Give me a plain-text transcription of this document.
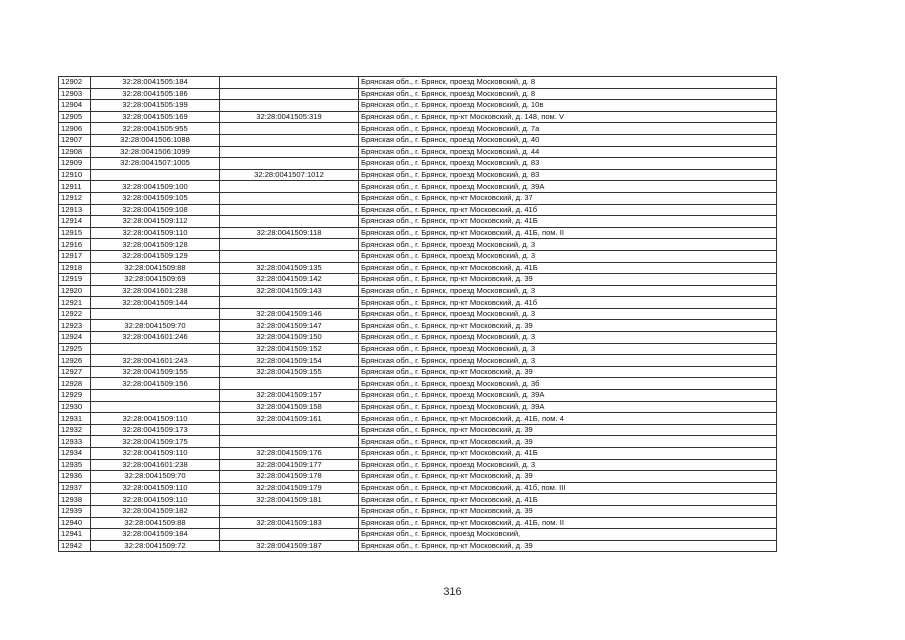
12902	32:28:0041505:184		Брянская обл., г. Брянск, проезд Московский, д. 8
12903	32:28:0041505:186		Брянская обл., г. Брянск, проезд Московский, д. 8
12904	32:28:0041505:199		Брянская обл., г. Брянск, проезд Московский, д. 10в
12905	32:28:0041505:169	32:28:0041505:319	Брянская обл., г. Брянск, пр-кт Московский, д. 148, пом. V
12906	32:28:0041505:955		Брянская обл., г. Брянск, проезд Московский, д. 7а
12907	32:28:0041506:1088		Брянская обл., г. Брянск, проезд Московский, д. 40
12908	32:28:0041506:1099		Брянская обл., г. Брянск, проезд Московский, д. 44
12909	32:28:0041507:1005		Брянская обл., г. Брянск, проезд Московский, д. 83
12910		32:28:0041507:1012	Брянская обл., г. Брянск, проезд Московский, д. 83
12911	32:28:0041509:100		Брянская обл., г. Брянск, проезд Московский, д. 39А
12912	32:28:0041509:105		Брянская обл., г. Брянск, пр-кт Московский, д. 37
12913	32:28:0041509:108		Брянская обл., г. Брянск, пр-кт Московский, д. 41б
12914	32:28:0041509:112		Брянская обл., г. Брянск, пр-кт Московский, д. 41Б
12915	32:28:0041509:110	32:28:0041509:118	Брянская обл., г. Брянск, пр-кт Московский, д. 41Б, пом. II
12916	32:28:0041509:128		Брянская обл., г. Брянск, проезд Московский, д. 3
12917	32:28:0041509:129		Брянская обл., г. Брянск, проезд Московский, д. 3
12918	32:28:0041509:88	32:28:0041509:135	Брянская обл., г. Брянск, пр-кт Московский, д. 41Б
12919	32:28:0041509:69	32:28:0041509:142	Брянская обл., г. Брянск, пр-кт Московский, д. 39
12920	32:28:0041601:238	32:28:0041509:143	Брянская обл., г. Брянск, проезд Московский, д. 3
12921	32:28:0041509:144		Брянская обл., г. Брянск, пр-кт Московский, д. 41б
12922		32:28:0041509:146	Брянская обл., г. Брянск, проезд Московский, д. 3
12923	32:28:0041509:70	32:28:0041509:147	Брянская обл., г. Брянск, пр-кт Московский, д. 39
12924	32:28:0041601:246	32:28:0041509:150	Брянская обл., г. Брянск, проезд Московский, д. 3
12925		32:28:0041509:152	Брянская обл., г. Брянск, проезд Московский, д. 3
12926	32:28:0041601:243	32:28:0041509:154	Брянская обл., г. Брянск, проезд Московский, д. 3
12927	32:28:0041509:155	32:28:0041509:155	Брянская обл., г. Брянск, пр-кт Московский, д. 39
12928	32:28:0041509:156		Брянская обл., г. Брянск, проезд Московский, д. 3б
12929		32:28:0041509:157	Брянская обл., г. Брянск, проезд Московский, д. 39А
12930		32:28:0041509:158	Брянская обл., г. Брянск, проезд Московский, д. 39А
12931	32:28:0041509:110	32:28:0041509:161	Брянская обл., г. Брянск, пр-кт Московский, д. 41Б, пом. 4
12932	32:28:0041509:173		Брянская обл., г. Брянск, пр-кт Московский, д. 39
12933	32:28:0041509:175		Брянская обл., г. Брянск, пр-кт Московский, д. 39
12934	32:28:0041509:110	32:28:0041509:176	Брянская обл., г. Брянск, пр-кт Московский, д. 41Б
12935	32:28:0041601:238	32:28:0041509:177	Брянская обл., г. Брянск, проезд Московский, д. 3
12936	32:28:0041509:70	32:28:0041509:178	Брянская обл., г. Брянск, пр-кт Московский, д. 39
12937	32:28:0041509:110	32:28:0041509:179	Брянская обл., г. Брянск, пр-кт Московский, д. 41б, пом. III
12938	32:28:0041509:110	32:28:0041509:181	Брянская обл., г. Брянск, пр-кт Московский, д. 41Б
12939	32:28:0041509:182		Брянская обл., г. Брянск, пр-кт Московский, д. 39
12940	32:28:0041509:88	32:28:0041509:183	Брянская обл., г. Брянск, пр-кт Московский, д. 41Б, пом. II
12941	32:28:0041509:184		Брянская обл., г. Брянск, проезд Московский,
12942	32:28:0041509:72	32:28:0041509:187	Брянская обл., г. Брянск, пр-кт Московский, д. 39
316
